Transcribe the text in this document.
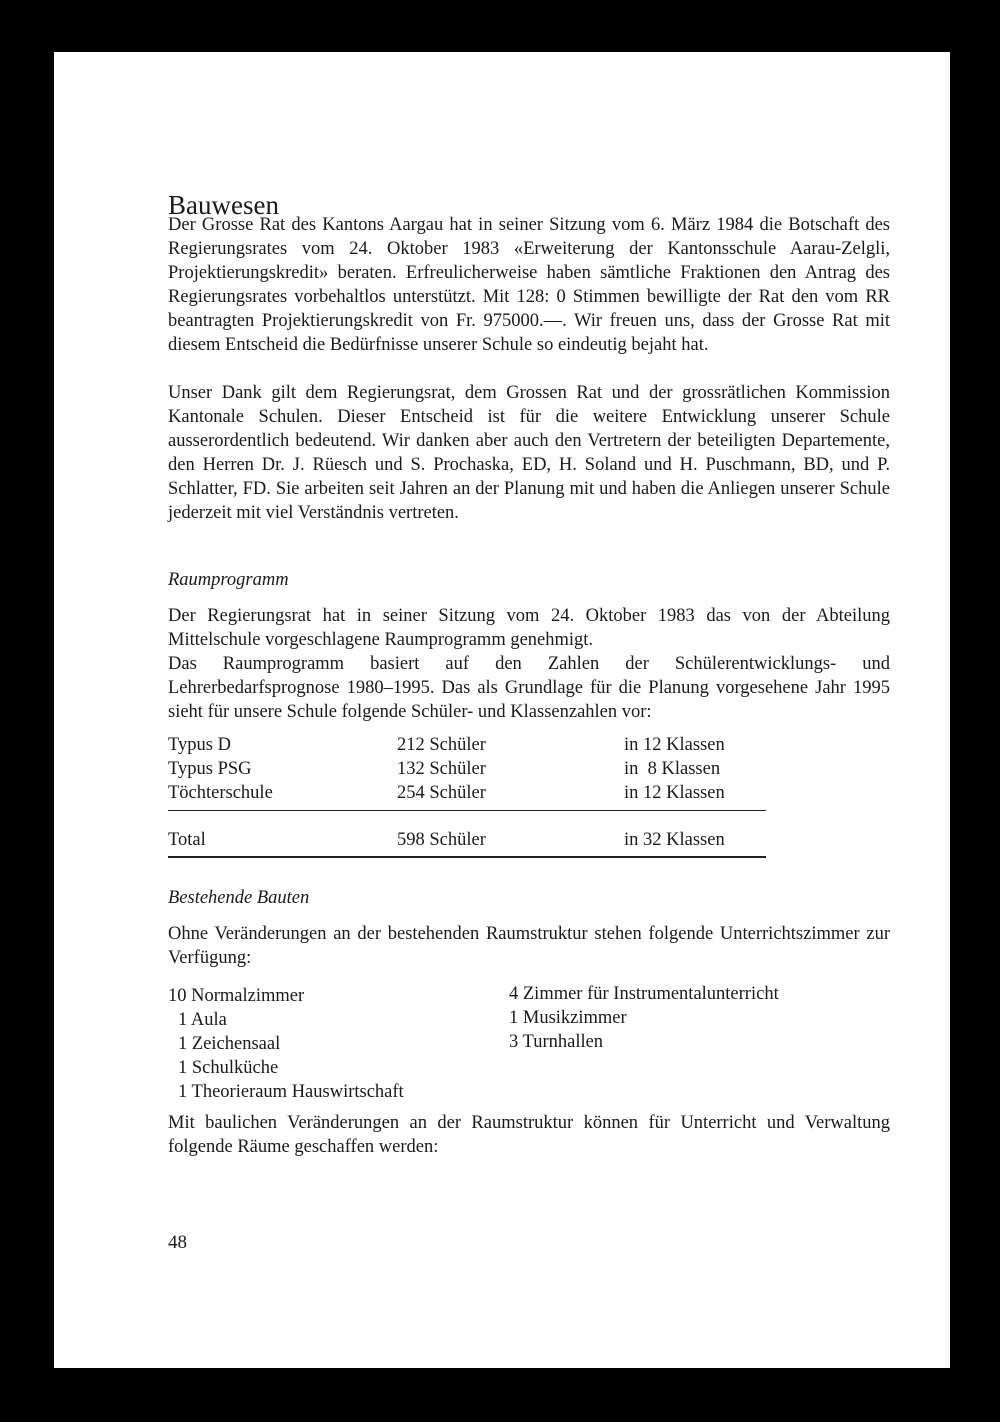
Bauwesen

Der Grosse Rat des Kantons Aargau hat in seiner Sitzung vom 6. März 1984 die Botschaft des Regierungsrates vom 24. Oktober 1983 «Erweiterung der Kantonsschule Aarau-Zelgli, Projektierungskredit» beraten. Erfreulicherweise haben sämtliche Fraktionen den Antrag des Regierungsrates vorbehaltlos unterstützt. Mit 128: 0 Stimmen bewilligte der Rat den vom RR beantragten Projektierungskredit von Fr. 975000.—. Wir freuen uns, dass der Grosse Rat mit diesem Entscheid die Bedürfnisse unserer Schule so eindeutig bejaht hat.

Unser Dank gilt dem Regierungsrat, dem Grossen Rat und der grossrätlichen Kommission Kantonale Schulen. Dieser Entscheid ist für die weitere Entwicklung unserer Schule ausserordentlich bedeutend. Wir danken aber auch den Vertretern der beteiligten Departemente, den Herren Dr. J. Rüesch und S. Prochaska, ED, H. Soland und H. Puschmann, BD, und P. Schlatter, FD. Sie arbeiten seit Jahren an der Planung mit und haben die Anliegen unserer Schule jederzeit mit viel Verständnis vertreten.

Raumprogramm

Der Regierungsrat hat in seiner Sitzung vom 24. Oktober 1983 das von der Abteilung Mittelschule vorgeschlagene Raumprogramm genehmigt.

Das Raumprogramm basiert auf den Zahlen der Schülerentwicklungs- und Lehrerbedarfsprognose 1980–1995. Das als Grundlage für die Planung vorgesehene Jahr 1995 sieht für unsere Schule folgende Schüler- und Klassenzahlen vor:

Typus D	212 Schüler	in 12 Klassen
Typus PSG	132 Schüler	in  8 Klassen
Töchterschule	254 Schüler	in 12 Klassen
Total	598 Schüler	in 32 Klassen

Bestehende Bauten

Ohne Veränderungen an der bestehenden Raumstruktur stehen folgende Unterrichtszimmer zur Verfügung:

10 Normalzimmer
1 Aula
1 Zeichensaal
1 Schulküche
1 Theorieraum Hauswirtschaft
4 Zimmer für Instrumentalunterricht
1 Musikzimmer
3 Turnhallen

Mit baulichen Veränderungen an der Raumstruktur können für Unterricht und Verwaltung folgende Räume geschaffen werden:

48
